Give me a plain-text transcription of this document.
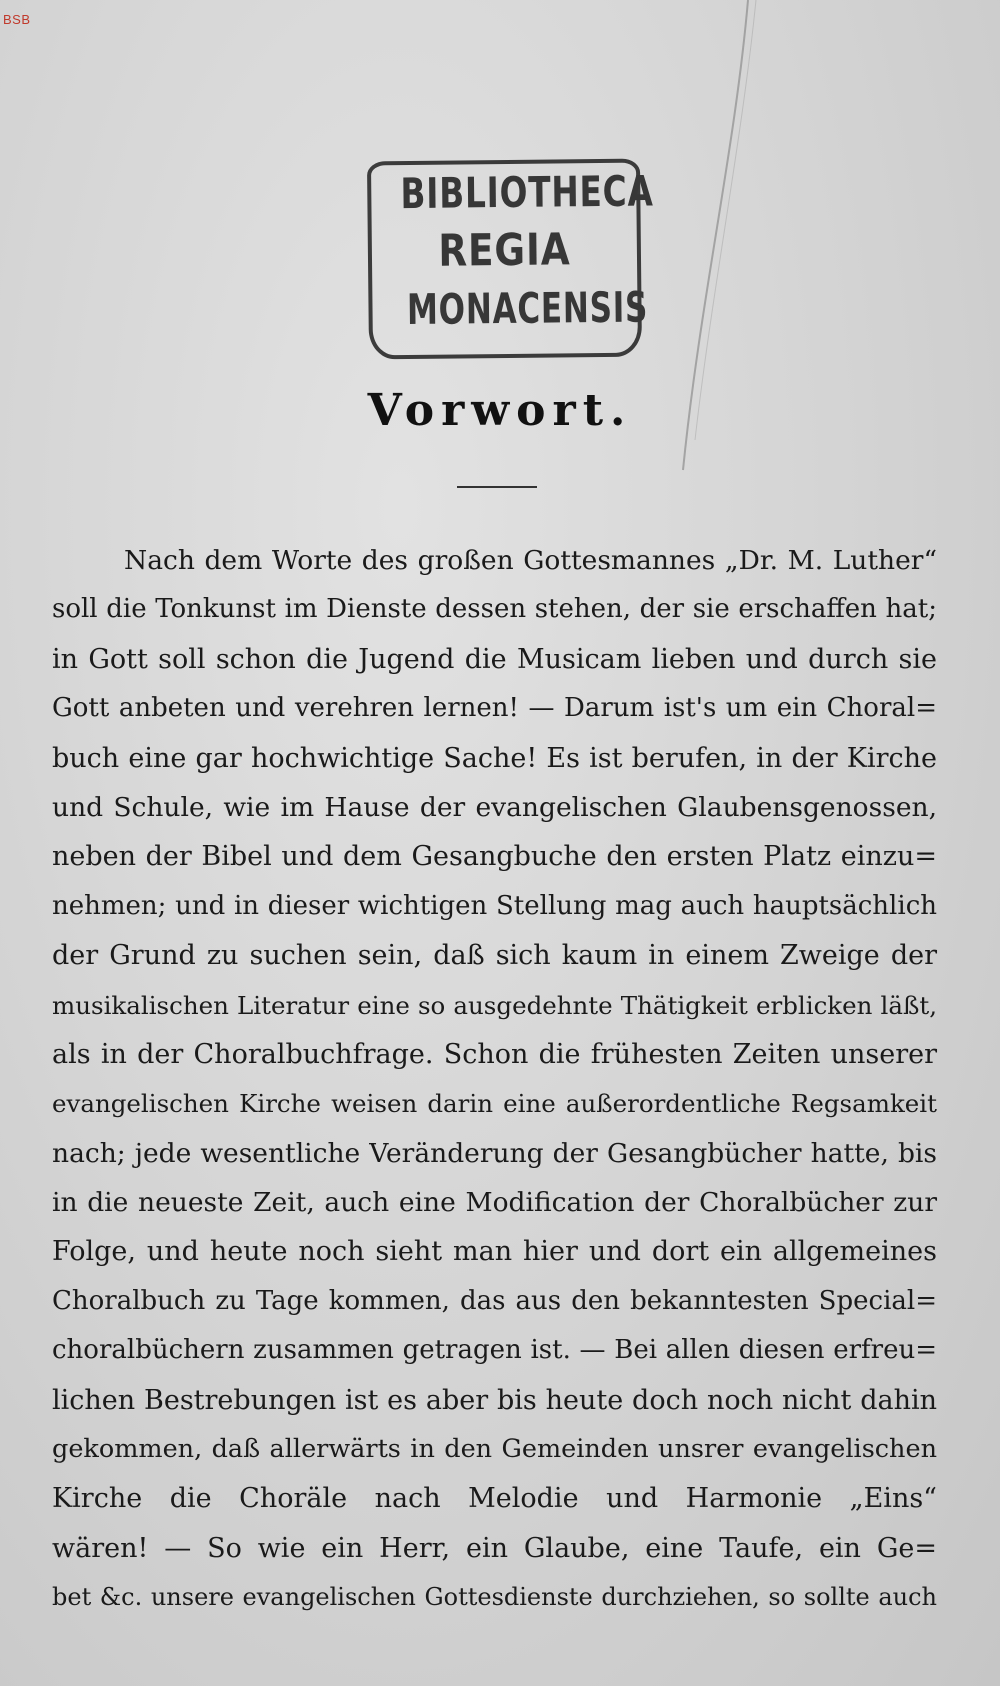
BSB
BIBLIOTHECA
REGIA
MONACENSIS
Vorwort.
Nach dem Worte des großen Gottesmannes „Dr. M. Luther“
soll die Tonkunst im Dienste dessen stehen, der sie erschaffen hat;
in Gott soll schon die Jugend die Musicam lieben und durch sie
Gott anbeten und verehren lernen! — Darum ist's um ein Choral=
buch eine gar hochwichtige Sache! Es ist berufen, in der Kirche
und Schule, wie im Hause der evangelischen Glaubensgenossen,
neben der Bibel und dem Gesangbuche den ersten Platz einzu=
nehmen; und in dieser wichtigen Stellung mag auch hauptsächlich
der Grund zu suchen sein, daß sich kaum in einem Zweige der
musikalischen Literatur eine so ausgedehnte Thätigkeit erblicken läßt,
als in der Choralbuchfrage. Schon die frühesten Zeiten unserer
evangelischen Kirche weisen darin eine außerordentliche Regsamkeit
nach; jede wesentliche Veränderung der Gesangbücher hatte, bis
in die neueste Zeit, auch eine Modification der Choralbücher zur
Folge, und heute noch sieht man hier und dort ein allgemeines
Choralbuch zu Tage kommen, das aus den bekanntesten Special=
choralbüchern zusammen getragen ist. — Bei allen diesen erfreu=
lichen Bestrebungen ist es aber bis heute doch noch nicht dahin
gekommen, daß allerwärts in den Gemeinden unsrer evangelischen
Kirche die Choräle nach Melodie und Harmonie „Eins“
wären! — So wie ein Herr, ein Glaube, eine Taufe, ein Ge=
bet &c. unsere evangelischen Gottesdienste durchziehen, so sollte auch
